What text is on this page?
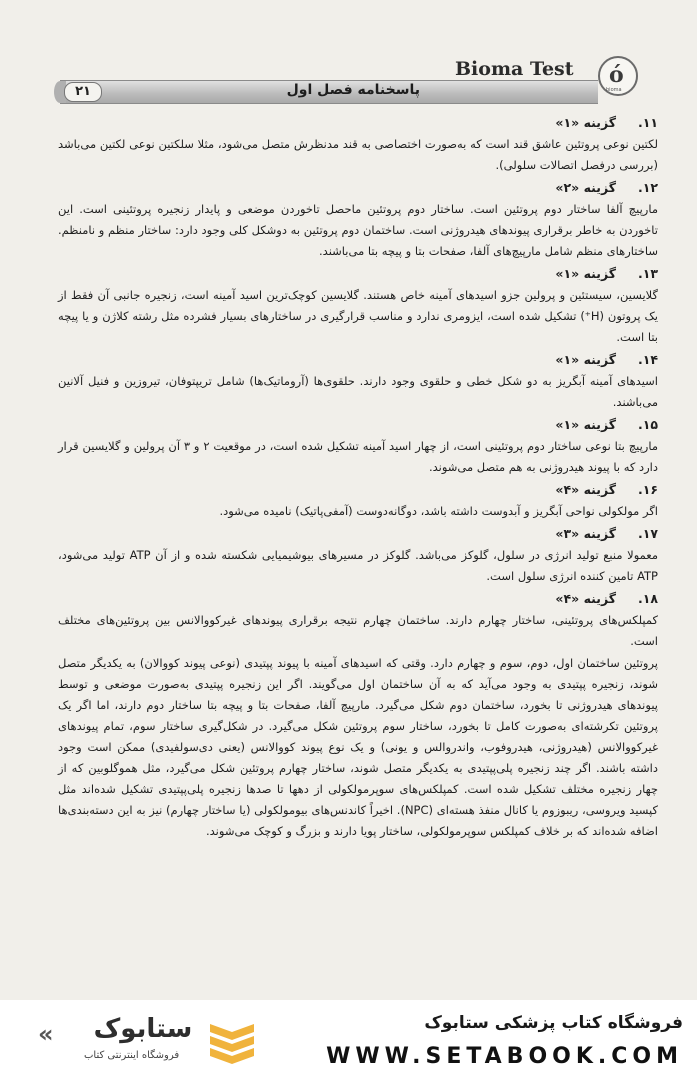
ó
bioma
Bioma Test
پاسخنامه فصل اول
۲۱
۱۱.گزینه «۱»

لکتین نوعی پروتئین عاشق قند است که به‌صورت اختصاصی به قند مدنظرش متصل می‌شود، مثلا سلکتین نوعی لکتین می‌باشد (بررسی درفصل اتصالات سلولی).

۱۲.گزینه «۲»

مارپیچ آلفا ساختار دوم پروتئین است. ساختار دوم پروتئین ماحصل تاخوردن موضعی و پایدار زنجیره پروتئینی است. این تاخوردن به خاطر برقراری پیوندهای هیدروژنی است. ساختمان دوم پروتئین به دوشکل کلی وجود دارد: ساختار منظم و نامنظم. ساختارهای منظم شامل مارپیچ‌های آلفا، صفحات بتا و پیچه بتا می‌باشند.

۱۳.گزینه «۱»

گلایسین، سیستئین و پرولین جزو اسیدهای آمینه خاص هستند. گلایسین کوچک‌ترین اسید آمینه است، زنجیره جانبی آن فقط از یک پروتون (H⁺) تشکیل شده است، ایزومری ندارد و مناسب قرارگیری در ساختارهای بسیار فشرده مثل رشته کلاژن و یا پیچه بتا است.

۱۴.گزینه «۱»

اسیدهای آمینه آبگریز به دو شکل خطی و حلقوی وجود دارند. حلقوی‌ها (آروماتیک‌ها) شامل تریپتوفان، تیروزین و فنیل آلانین می‌باشند.

۱۵.گزینه «۱»

مارپیچ بتا نوعی ساختار دوم پروتئینی است، از چهار اسید آمینه تشکیل شده است، در موقعیت ۲ و ۳ آن پرولین و گلایسین قرار دارد که با پیوند هیدروژنی به هم متصل می‌شوند.

۱۶.گزینه «۴»

اگر مولکولی نواحی آبگریز و آبدوست داشته باشد، دوگانه‌دوست (آمفی‌پاتیک) نامیده می‌شود.

۱۷.گزینه «۳»

معمولا منبع تولید انرژی در سلول، گلوکز می‌باشد. گلوکز در مسیرهای بیوشیمیایی شکسته شده و از آن ATP تولید می‌شود، ATP تامین کننده انرژی سلول است.

۱۸.گزینه «۴»

کمپلکس‌های پروتئینی، ساختار چهارم دارند. ساختمان چهارم نتیجه برقراری پیوندهای غیرکووالانس بین پروتئین‌های مختلف است.

پروتئین ساختمان اول، دوم، سوم و چهارم دارد. وقتی که اسیدهای آمینه با پیوند پپتیدی (نوعی پیوند کووالان) به یکدیگر متصل شوند، زنجیره پپتیدی به وجود می‌آید که به آن ساختمان اول می‌گویند. اگر این زنجیره پپتیدی به‌صورت موضعی و توسط پیوندهای هیدروژنی تا بخورد، ساختمان دوم شکل می‌گیرد. مارپیچ آلفا، صفحات بتا و پیچه بتا ساختار دوم دارند، اما اگر یک پروتئین تکرشته‌ای به‌صورت کامل تا بخورد، ساختار سوم پروتئین شکل می‌گیرد. در شکل‌گیری ساختار سوم، تمام پیوندهای غیرکووالانس (هیدروژنی، هیدروفوب، واندروالس و یونی) و یک نوع پیوند کووالانس (یعنی دی‌سولفیدی) ممکن است وجود داشته باشند. اگر چند زنجیره پلی‌پپتیدی به یکدیگر متصل شوند، ساختار چهارم پروتئین شکل می‌گیرد، مثل هموگلوبین که از چهار زنجیره مختلف تشکیل شده است. کمپلکس‌های سوپرمولکولی از دهها تا صدها زنجیره پلی‌پپتیدی تشکیل شده‌اند مثل کپسید ویروسی، ریبوزوم یا کانال منفذ هسته‌ای (NPC). اخیراً کاندنس‌های بیومولکولی (یا ساختار چهارم) نیز به این دسته‌بندی‌ها اضافه شده‌اند که بر خلاف کمپلکس سوپرمولکولی، ساختار پویا دارند و بزرگ و کوچک می‌شوند.

« ستابوک
فروشگاه اینترنتی کتاب
فروشگاه کتاب پزشکی ستابوک
WWW.SETABOOK.COM
